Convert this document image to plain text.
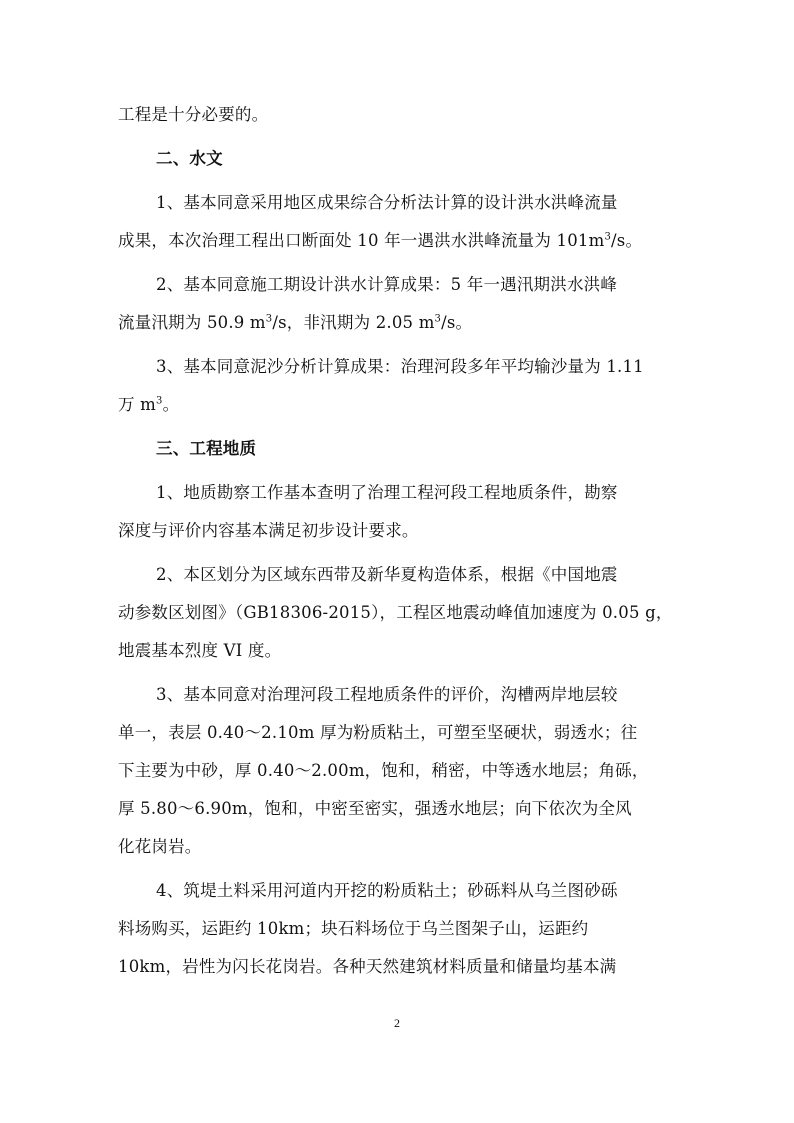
工程是十分必要的。
二、水文
1、基本同意采用地区成果综合分析法计算的设计洪水洪峰流量
成果，本次治理工程出口断面处 10 年一遇洪水洪峰流量为 $101m^3/s$。
2、基本同意施工期设计洪水计算成果：5 年一遇汛期洪水洪峰
流量汛期为 50.9 $m^3/s$，非汛期为 2.05 $m^3/s$。
3、基本同意泥沙分析计算成果：治理河段多年平均输沙量为 1.11
万 $m^3$。
三、工程地质
1、地质勘察工作基本查明了治理工程河段工程地质条件，勘察
深度与评价内容基本满足初步设计要求。
2、本区划分为区域东西带及新华夏构造体系，根据《中国地震
动参数区划图》（GB18306-2015），工程区地震动峰值加速度为 0.05 g，
地震基本烈度 VI 度。
3、基本同意对治理河段工程地质条件的评价，沟槽两岸地层较
单一，表层 0.40～2.10m 厚为粉质粘土，可塑至坚硬状，弱透水；往
下主要为中砂，厚 0.40～2.00m，饱和，稍密，中等透水地层；角砾，
厚 5.80～6.90m，饱和，中密至密实，强透水地层；向下依次为全风
化花岗岩。
4、筑堤土料采用河道内开挖的粉质粘土；砂砾料从乌兰图砂砾
料场购买，运距约 10km；块石料场位于乌兰图架子山，运距约
10km，岩性为闪长花岗岩。各种天然建筑材料质量和储量均基本满
2
